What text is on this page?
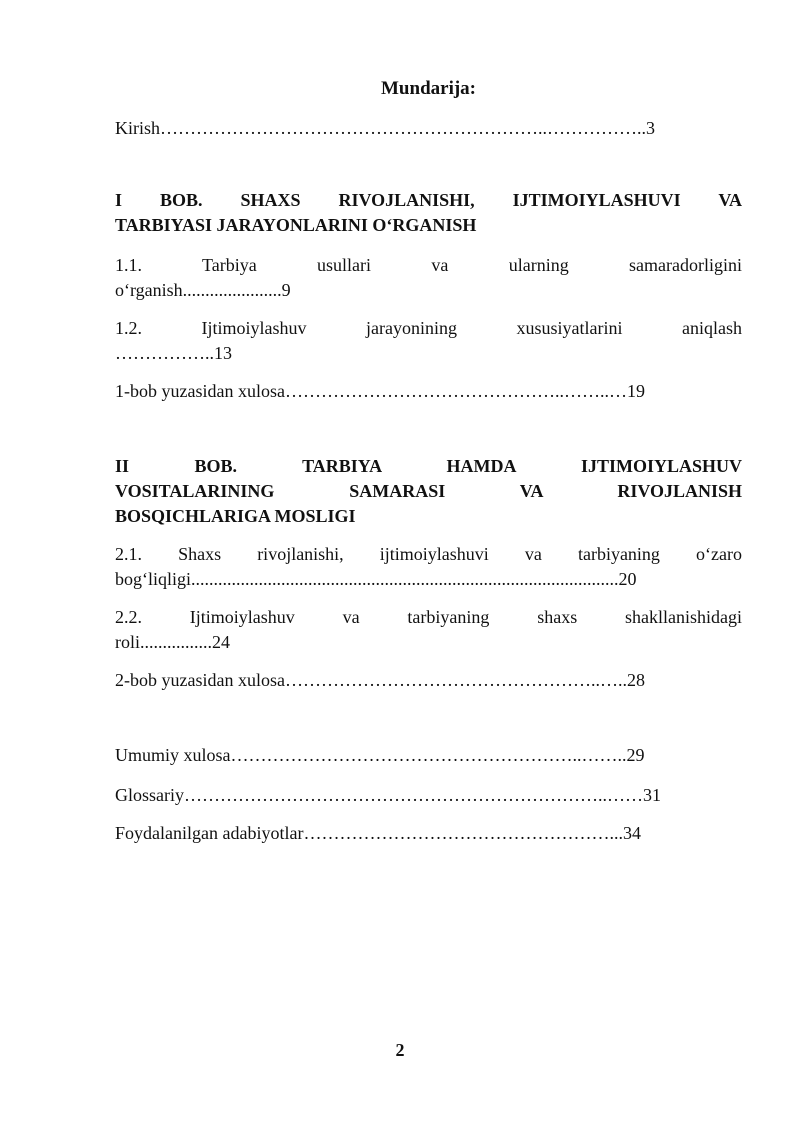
Mundarija:
Kirish………………………………………………………..……………..3
I BOB. SHAXS RIVOJLANISHI, IJTIMOIYLASHUVI VA
TARBIYASI JARAYONLARINI O‘RGANISH
1.1. Tarbiya usullari va ularning samaradorligini
o‘rganish......................9
1.2. Ijtimoiylashuv jarayonining xususiyatlarini aniqlash
……………..13
1-bob yuzasidan xulosa………………………………………..……..…19
II BOB. TARBIYA HAMDA IJTIMOIYLASHUV
VOSITALARINING SAMARASI VA RIVOJLANISH
BOSQICHLARIGA MOSLIGI
2.1. Shaxs rivojlanishi, ijtimoiylashuvi va tarbiyaning o‘zaro
bog‘liqligi...............................................................................................20
2.2. Ijtimoiylashuv va tarbiyaning shaxs shakllanishidagi
roli................24
2-bob yuzasidan xulosa……………………………………………..…..28
Umumiy xulosa…………………………………………………..……..29
Glossariy……………………………………………………………..……31
Foydalanilgan adabiyotlar……………………………………………...34
2
